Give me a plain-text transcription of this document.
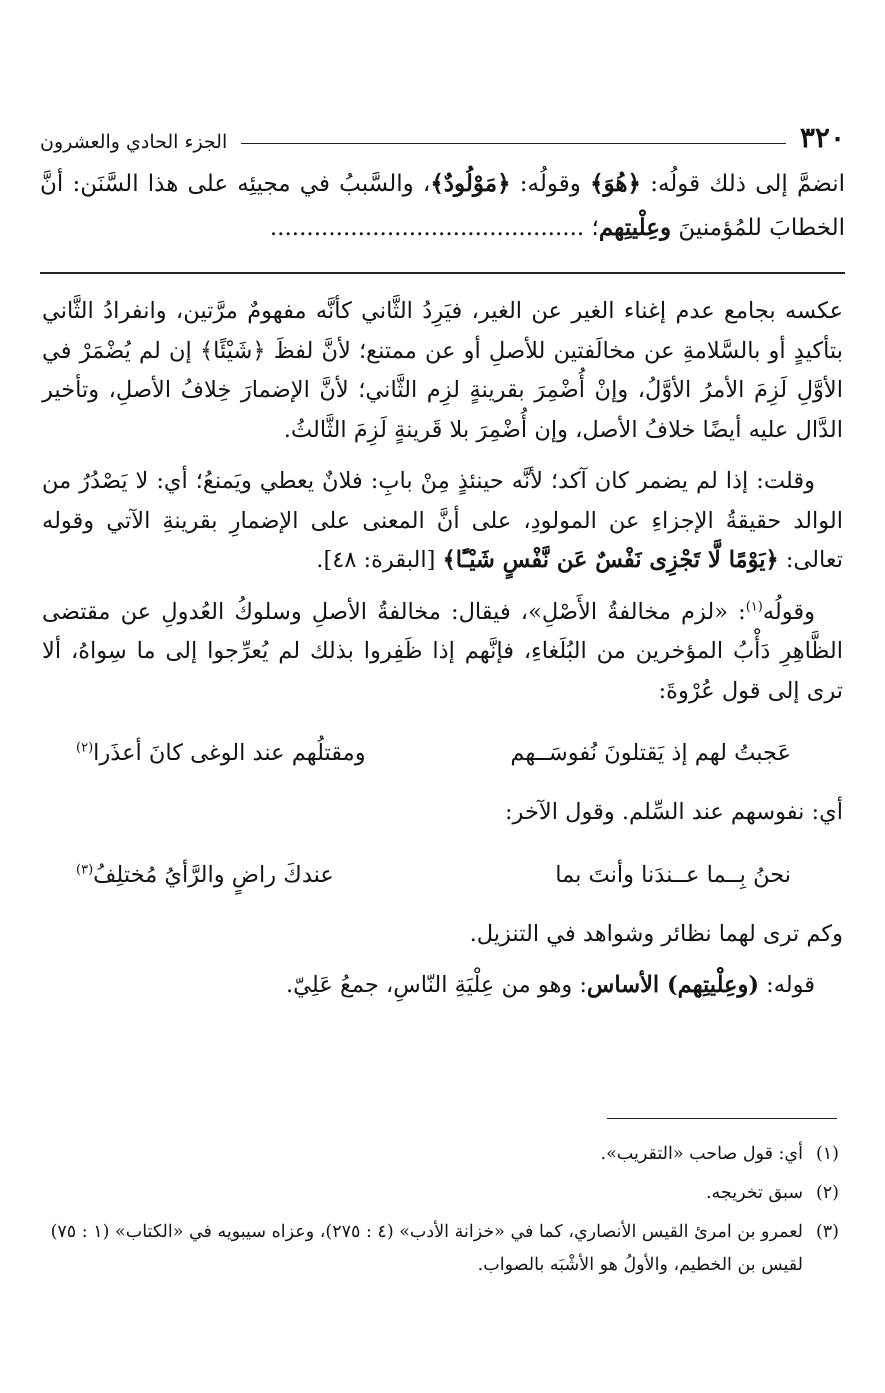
٣٢٠
الجزء الحادي والعشرون
انضمَّ إلى ذلك قولُه: ﴿هُوَ﴾ وقولُه: ﴿مَوْلُودٌ﴾، والسَّببُ في مجيئِه على هذا السَّنَن: أنَّ الخطابَ للمُؤمنينَ وعِلْيتِهم؛ ...........................................

عكسه بجامع عدم إغناء الغير عن الغير، فيَرِدُ الثَّاني كأنَّه مفهومٌ مرَّتين، وانفرادُ الثَّاني بتأكيدٍ أو بالسَّلامةِ عن مخالَفتين للأصلِ أو عن ممتنع؛ لأنَّ لفظَ ﴿شَيْئًا﴾ إن لم يُضْمَرْ في الأوَّلِ لَزِمَ الأمرُ الأوَّلُ، وإنْ أُضْمِرَ بقرينةٍ لزِم الثَّاني؛ لأنَّ الإضمارَ خِلافُ الأصلِ، وتأخير الدَّال عليه أيضًا خلافُ الأصل، وإن أُضْمِرَ بلا قَرينةٍ لَزِمَ الثَّالثُ.

وقلت: إذا لم يضمر كان آكد؛ لأنَّه حينئذٍ مِنْ بابِ: فلانٌ يعطي ويَمنعُ؛ أي: لا يَصْدُرُ من الوالد حقيقةُ الإجزاءِ عن المولودِ، على أنَّ المعنى على الإضمارِ بقرينةِ الآتي وقوله تعالى: ﴿يَوْمًا لَّا تَجْزِى نَفْسٌ عَن نَّفْسٍ شَيْـًٔا﴾ [البقرة: ٤٨].

وقولُه$^{(١)}$: «لزم مخالفةُ الأَصْلِ»، فيقال: مخالفةُ الأصلِ وسلوكُ العُدولِ عن مقتضى الظَّاهِرِ دَأْبُ المؤخرين من البُلَغاءِ، فإنَّهم إذا ظَفِروا بذلك لم يُعرِّجوا إلى ما سِواهُ، ألا ترى إلى قول عُرْوةَ:

عَجبتُ لهم إذ يَقتلونَ نُفوسَــهم
ومقتلُهم عند الوغى كانَ أعذَرا$^{(٢)}$

أي: نفوسهم عند السِّلم. وقول الآخر:

نحنُ بِــما عــندَنا وأنتَ بما
عندكَ راضٍ والرَّأيُ مُختلِفُ$^{(٣)}$

وكم ترى لهما نظائر وشواهد في التنزيل.

قوله: (وعِلْيتِهم) الأساس: وهو من عِلْيَةِ النّاسِ، جمعُ عَلِيّ.

(١)
أي: قول صاحب «التقريب».
(٢)
سبق تخريجه.
(٣)
لعمرو بن امرئ القيس الأنصاري، كما في «خزانة الأدب» (٤ : ٢٧٥)، وعزاه سيبويه في «الكتاب» (١ : ٧٥) لقيس بن الخطيم، والأولُ هو الأشْبَه بالصواب.
